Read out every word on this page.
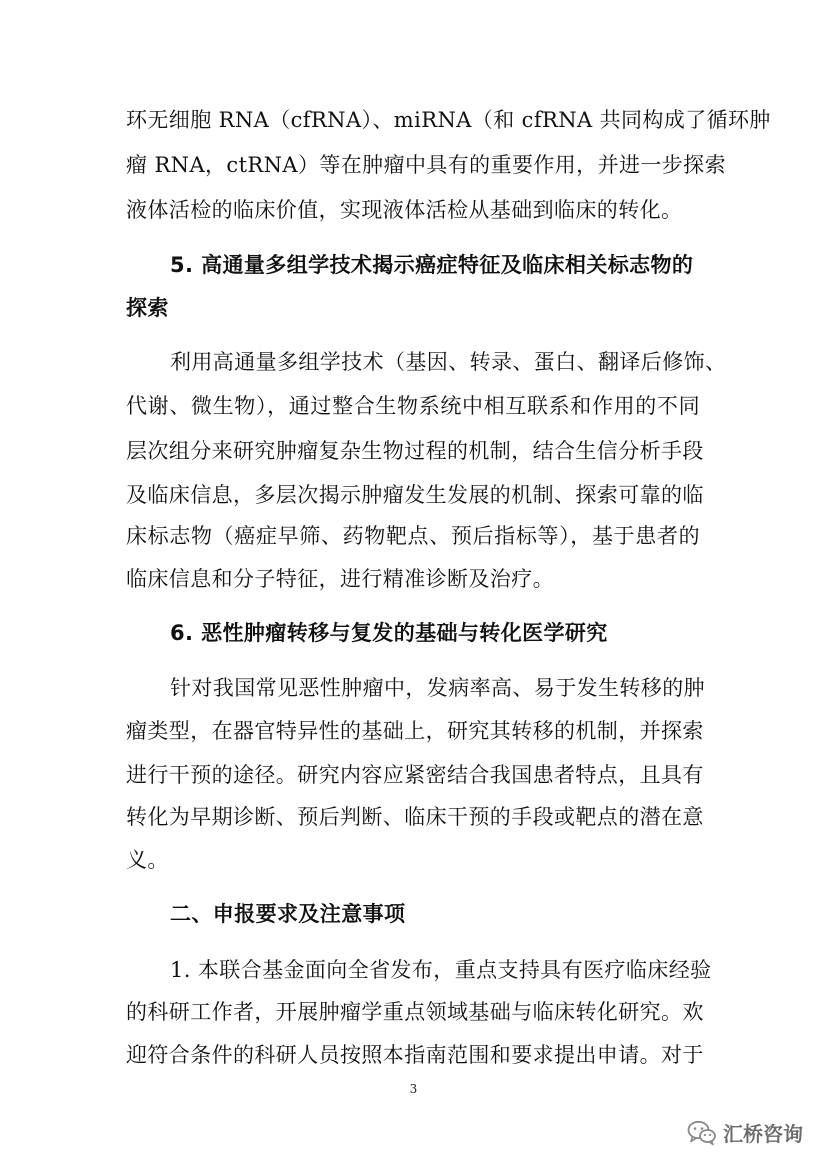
环无细胞 RNA（cfRNA）、miRNA（和 cfRNA 共同构成了循环肿
瘤 RNA，ctRNA）等在肿瘤中具有的重要作用，并进一步探索
液体活检的临床价值，实现液体活检从基础到临床的转化。
5. 高通量多组学技术揭示癌症特征及临床相关标志物的
探索
利用高通量多组学技术（基因、转录、蛋白、翻译后修饰、
代谢、微生物），通过整合生物系统中相互联系和作用的不同
层次组分来研究肿瘤复杂生物过程的机制，结合生信分析手段
及临床信息，多层次揭示肿瘤发生发展的机制、探索可靠的临
床标志物（癌症早筛、药物靶点、预后指标等），基于患者的
临床信息和分子特征，进行精准诊断及治疗。
6. 恶性肿瘤转移与复发的基础与转化医学研究
针对我国常见恶性肿瘤中，发病率高、易于发生转移的肿
瘤类型，在器官特异性的基础上，研究其转移的机制，并探索
进行干预的途径。研究内容应紧密结合我国患者特点，且具有
转化为早期诊断、预后判断、临床干预的手段或靶点的潜在意
义。
二、申报要求及注意事项
1. 本联合基金面向全省发布，重点支持具有医疗临床经验
的科研工作者，开展肿瘤学重点领域基础与临床转化研究。欢
迎符合条件的科研人员按照本指南范围和要求提出申请。对于
3
汇桥咨询
